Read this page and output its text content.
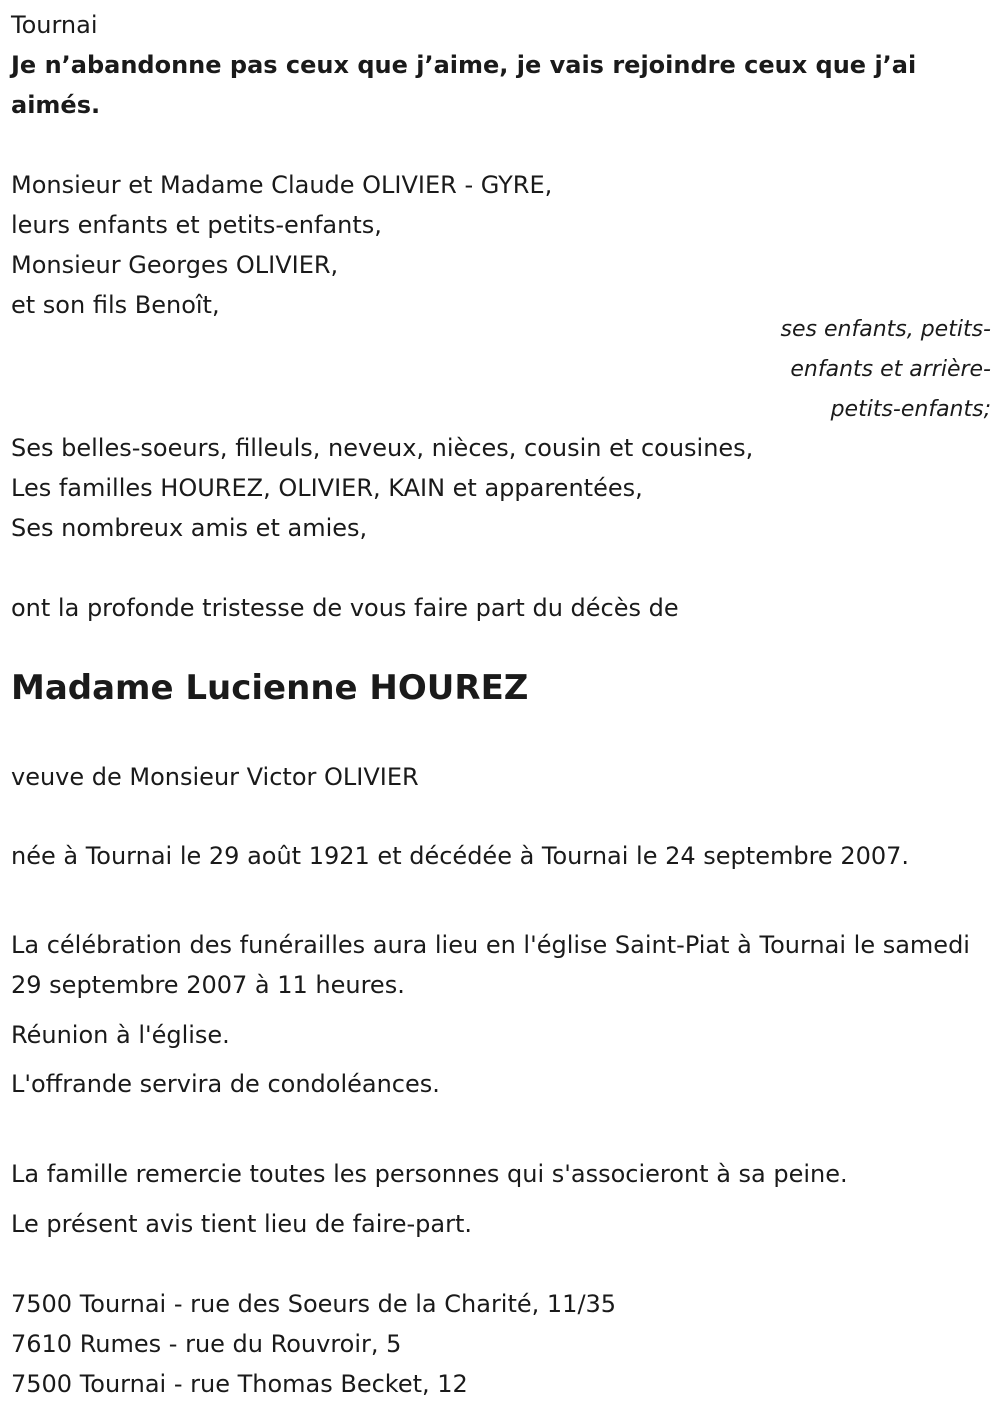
Tournai
Je n’abandonne pas ceux que j’aime, je vais rejoindre ceux que j’ai aimés.
Monsieur et Madame Claude OLIVIER - GYRE,
leurs enfants et petits-enfants,
Monsieur Georges OLIVIER,
et son fils Benoît,
ses enfants, petits-
enfants et arrière-
petits-enfants;
Ses belles-soeurs, filleuls, neveux, nièces, cousin et cousines,
Les familles HOUREZ, OLIVIER, KAIN et apparentées,
Ses nombreux amis et amies,
ont la profonde tristesse de vous faire part du décès de
Madame Lucienne HOUREZ
veuve de Monsieur Victor OLIVIER
née à Tournai le 29 août 1921 et décédée à Tournai le 24 septembre 2007.
La célébration des funérailles aura lieu en l'église Saint-Piat à Tournai le samedi 29 septembre 2007 à 11 heures.
Réunion à l'église.
L'offrande servira de condoléances.
La famille remercie toutes les personnes qui s'associeront à sa peine.
Le présent avis tient lieu de faire-part.
7500 Tournai - rue des Soeurs de la Charité, 11/35
7610 Rumes - rue du Rouvroir, 5
7500 Tournai - rue Thomas Becket, 12
